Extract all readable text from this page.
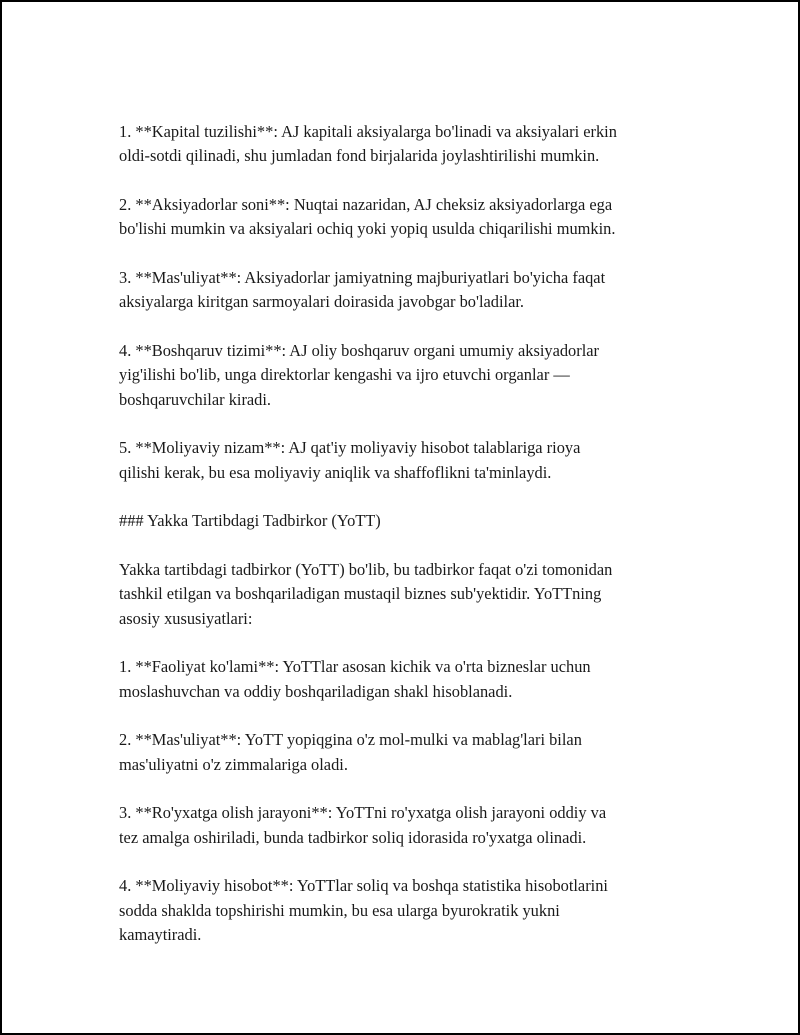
1. **Kapital tuzilishi**: AJ kapitali aksiyalarga bo'linadi va aksiyalari erkin
oldi-sotdi qilinadi, shu jumladan fond birjalarida joylashtirilishi mumkin.

2. **Aksiyadorlar soni**: Nuqtai nazaridan, AJ cheksiz aksiyadorlarga ega
bo'lishi mumkin va aksiyalari ochiq yoki yopiq usulda chiqarilishi mumkin.

3. **Mas'uliyat**: Aksiyadorlar jamiyatning majburiyatlari bo'yicha faqat
aksiyalarga kiritgan sarmoyalari doirasida javobgar bo'ladilar.

4. **Boshqaruv tizimi**: AJ oliy boshqaruv organi umumiy aksiyadorlar
yig'ilishi bo'lib, unga direktorlar kengashi va ijro etuvchi organlar —
boshqaruvchilar kiradi.

5. **Moliyaviy nizam**: AJ qat'iy moliyaviy hisobot talablariga rioya
qilishi kerak, bu esa moliyaviy aniqlik va shaffoflikni ta'minlaydi.

### Yakka Tartibdagi Tadbirkor (YoTT)

Yakka tartibdagi tadbirkor (YoTT) bo'lib, bu tadbirkor faqat o'zi tomonidan
tashkil etilgan va boshqariladigan mustaqil biznes sub'yektidir. YoTTning
asosiy xususiyatlari:

1. **Faoliyat ko'lami**: YoTTlar asosan kichik va o'rta bizneslar uchun
moslashuvchan va oddiy boshqariladigan shakl hisoblanadi.

2. **Mas'uliyat**: YoTT yopiqgina o'z mol-mulki va mablag'lari bilan
mas'uliyatni o'z zimmalariga oladi.

3. **Ro'yxatga olish jarayoni**: YoTTni ro'yxatga olish jarayoni oddiy va
tez amalga oshiriladi, bunda tadbirkor soliq idorasida ro'yxatga olinadi.

4. **Moliyaviy hisobot**: YoTTlar soliq va boshqa statistika hisobotlarini
sodda shaklda topshirishi mumkin, bu esa ularga byurokratik yukni
kamaytiradi.
